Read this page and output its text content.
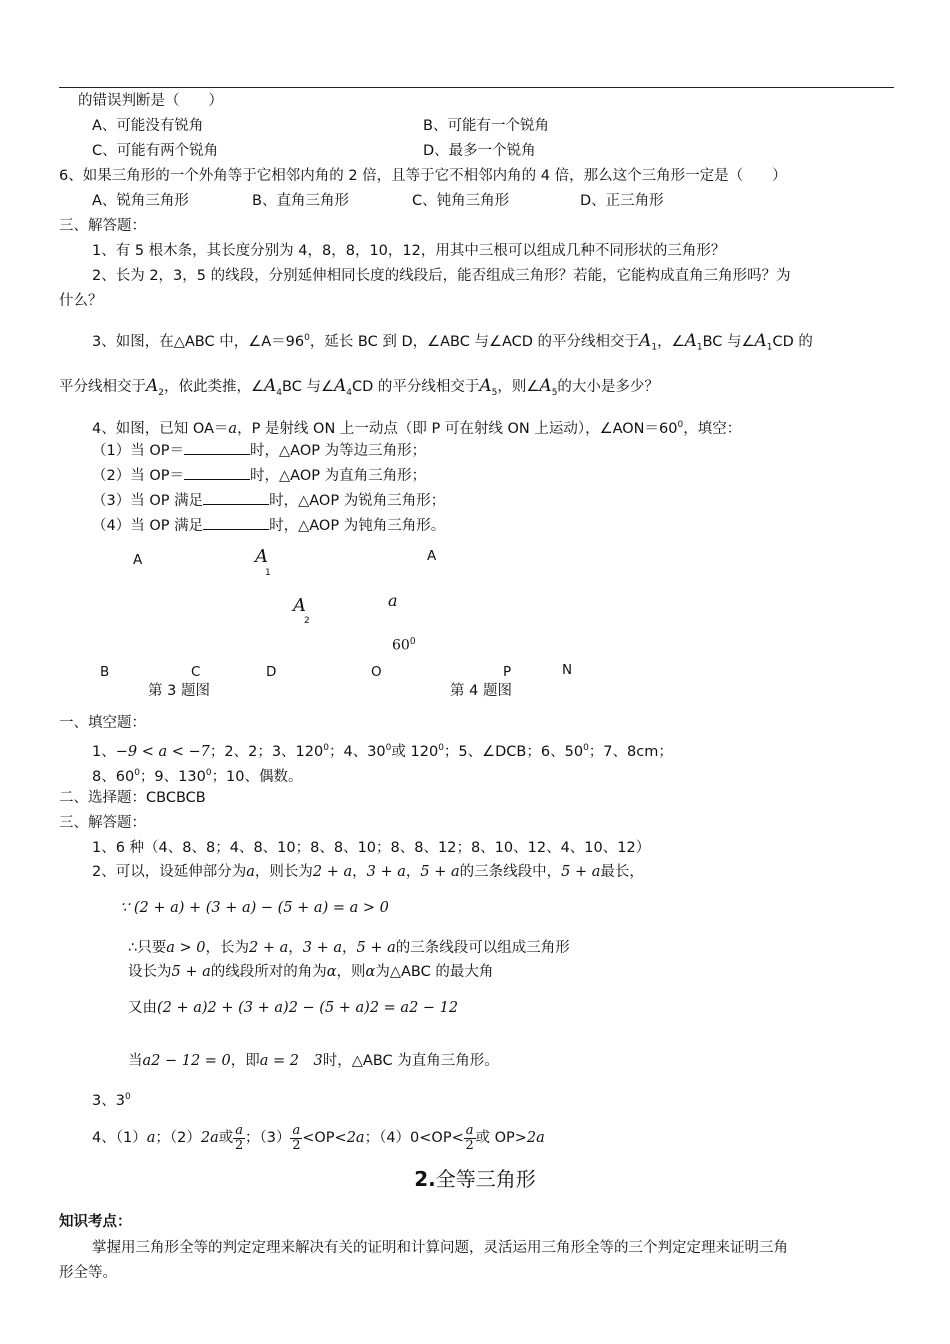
的错误判断是（　　）
A、可能没有锐角	B、可能有一个锐角
C、可能有两个锐角	D、最多一个锐角
6、如果三角形的一个外角等于它相邻内角的 2 倍，且等于它不相邻内角的 4 倍，那么这个三角形一定是（　　）
A、锐角三角形	B、直角三角形	C、钝角三角形	D、正三角形
三、解答题：
1、有 5 根木条，其长度分别为 4，8，8，10，12，用其中三根可以组成几种不同形状的三角形？
2、长为 2，3，5 的线段，分别延伸相同长度的线段后，能否组成三角形？若能，它能构成直角三角形吗？为
什么？
3、如图，在△ABC 中，$\angle A=96^0$，延长 BC 到 D，∠ABC 与∠ACD 的平分线相交于$A_1$，$\angle A_1BC$ 与$\angle A_1CD$ 的
平分线相交于$A_2$，依此类推，$\angle A_4BC$ 与$\angle A_4CD$ 的平分线相交于$A_5$，则$\angle A_5$的大小是多少？
4、如图，已知 OA＝a，P 是射线 ON 上一动点（即 P 可在射线 ON 上运动），$\angle AON=60^0$，填空：
（1）当 OP＝	时，△AOP 为等边三角形；
（2）当 OP＝	时，△AOP 为直角三角形；
（3）当 OP 满足	时，△AOP 为锐角三角形；
（4）当 OP 满足	时，△AOP 为钝角三角形。
A	A
1
A
A
2
a
$60^0$
B	C	D	O	P	N
第 3 题图	第 4 题图
一、填空题：
1、−9 < a < −7；2、2；3、$120^0$；4、$30^0$或 $120^0$；5、∠DCB；6、$50^0$；7、8cm；
8、$60^0$；9、$130^0$；10、偶数。
二、选择题：CBCBCB
三、解答题：
1、6 种（4、8、8；4、8、10；8、8、10；8、8、12；8、10、12、4、10、12）
2、可以，设延伸部分为a，则长为2 + a，3 + a，5 + a的三条线段中，5 + a最长，
∵ (2 + a) + (3 + a) − (5 + a) = a > 0
∴只要a > 0，长为2 + a，3 + a，5 + a的三条线段可以组成三角形
设长为5 + a的线段所对的角为α，则α为△ABC 的最大角
又由(2 + a)2 + (3 + a)2 − (5 + a)2 = a2 − 12
当a2 − 12 = 0，即a = 2　3时，△ABC 为直角三角形。
3、$3^0$
4、（1）a；（2）2a或 $\frac{a}{2}$ ；$(3) \frac{a}{2} <OP<2a$；$(4)0<OP< \frac{a}{2}$ 或 OP>2a
2.全等三角形
知识考点：
掌握用三角形全等的判定定理来解决有关的证明和计算问题，灵活运用三角形全等的三个判定定理来证明三角
形全等。
